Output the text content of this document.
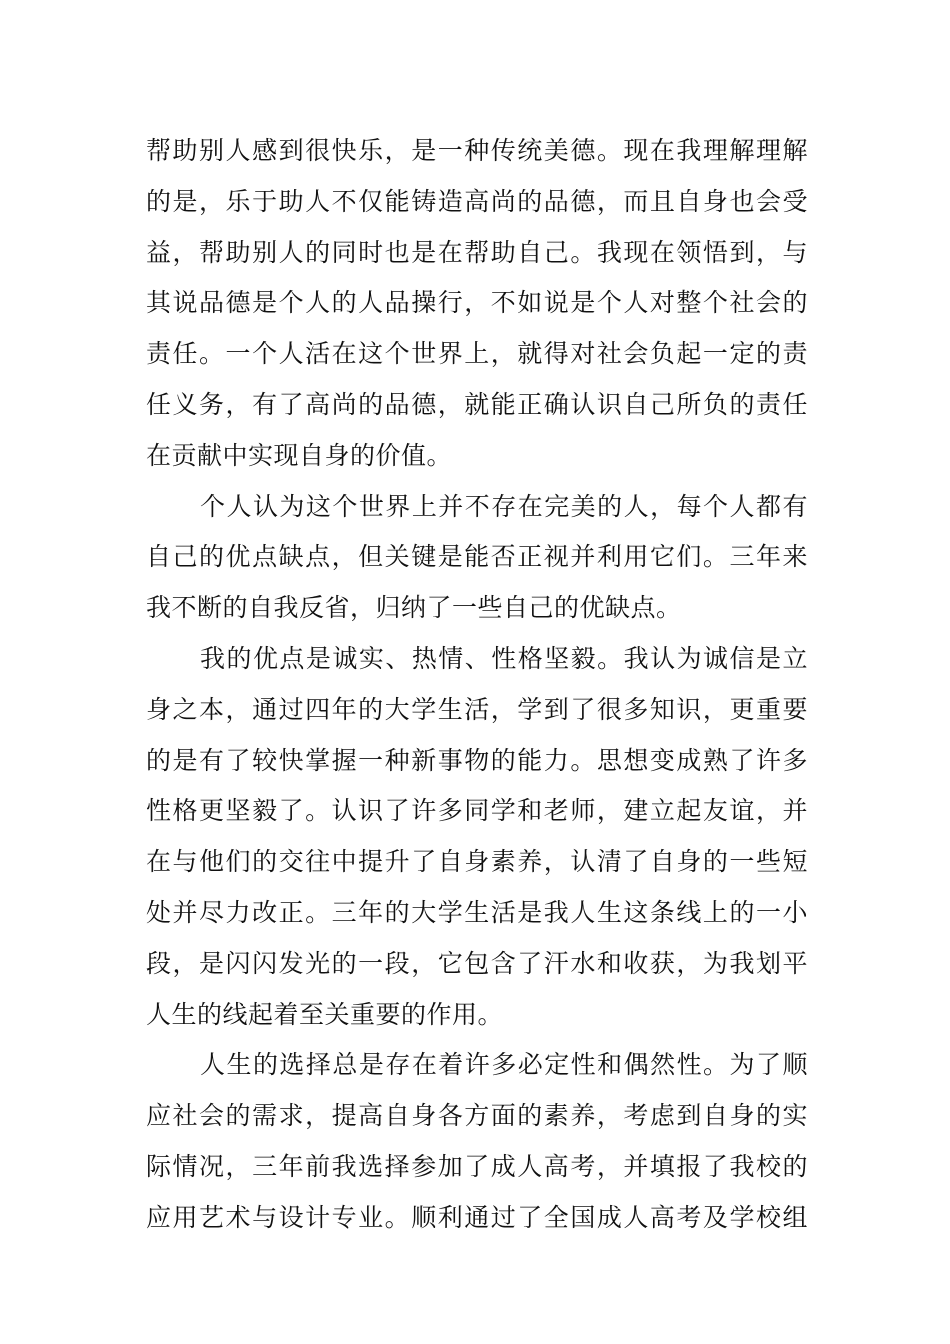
帮助别人感到很快乐，是一种传统美德。现在我理解理解
的是，乐于助人不仅能铸造高尚的品德，而且自身也会受
益，帮助别人的同时也是在帮助自己。我现在领悟到，与
其说品德是个人的人品操行，不如说是个人对整个社会的
责任。一个人活在这个世界上，就得对社会负起一定的责
任义务，有了高尚的品德，就能正确认识自己所负的责任
在贡献中实现自身的价值。
个人认为这个世界上并不存在完美的人，每个人都有
自己的优点缺点，但关键是能否正视并利用它们。三年来
我不断的自我反省，归纳了一些自己的优缺点。
我的优点是诚实、热情、性格坚毅。我认为诚信是立
身之本，通过四年的大学生活，学到了很多知识，更重要
的是有了较快掌握一种新事物的能力。思想变成熟了许多
性格更坚毅了。认识了许多同学和老师，建立起友谊，并
在与他们的交往中提升了自身素养，认清了自身的一些短
处并尽力改正。三年的大学生活是我人生这条线上的一小
段，是闪闪发光的一段，它包含了汗水和收获，为我划平
人生的线起着至关重要的作用。
人生的选择总是存在着许多必定性和偶然性。为了顺
应社会的需求，提高自身各方面的素养，考虑到自身的实
际情况，三年前我选择参加了成人高考，并填报了我校的
应用艺术与设计专业。顺利通过了全国成人高考及学校组
